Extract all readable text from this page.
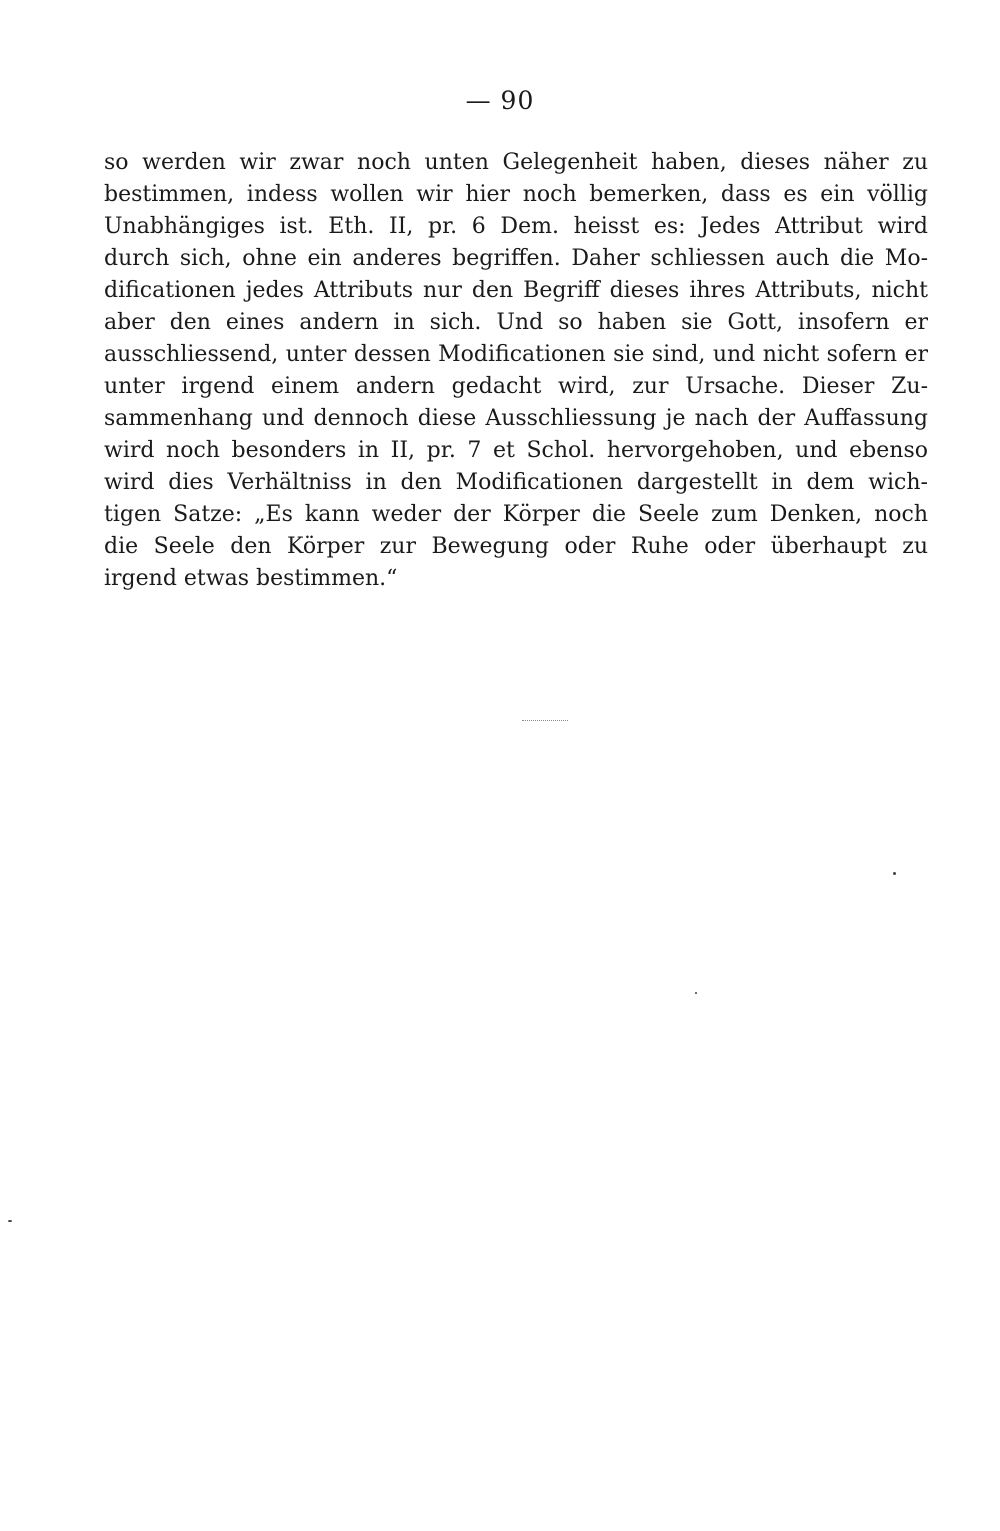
— 90
so werden wir zwar noch unten Gelegenheit haben, dieses näher zu
bestimmen, indess wollen wir hier noch bemerken, dass es ein völlig
Unabhängiges ist. Eth. II, pr. 6 Dem. heisst es: Jedes Attribut wird
durch sich, ohne ein anderes begriffen. Daher schliessen auch die Mo-
dificationen jedes Attributs nur den Begriff dieses ihres Attributs, nicht
aber den eines andern in sich. Und so haben sie Gott, insofern er
ausschliessend, unter dessen Modificationen sie sind, und nicht sofern er
unter irgend einem andern gedacht wird, zur Ursache. Dieser Zu-
sammenhang und dennoch diese Ausschliessung je nach der Auffassung
wird noch besonders in II, pr. 7 et Schol. hervorgehoben, und ebenso
wird dies Verhältniss in den Modificationen dargestellt in dem wich-
tigen Satze: „Es kann weder der Körper die Seele zum Denken, noch
die Seele den Körper zur Bewegung oder Ruhe oder überhaupt zu
irgend etwas bestimmen.“
